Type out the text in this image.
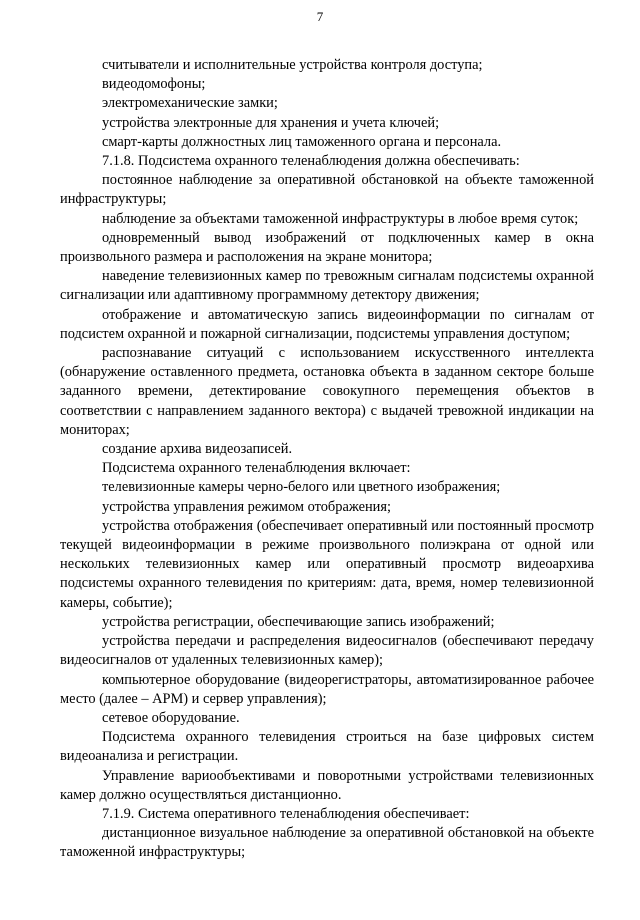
7

считыватели и исполнительные устройства контроля доступа;

видеодомофоны;

электромеханические замки;

устройства электронные для хранения и учета ключей;

смарт-карты должностных лиц таможенного органа и персонала.

7.1.8. Подсистема охранного теленаблюдения должна обеспечивать:

постоянное наблюдение за оперативной обстановкой на объекте таможенной инфраструктуры;

наблюдение за объектами таможенной инфраструктуры в любое время суток;

одновременный вывод изображений от подключенных камер в окна произвольного размера и расположения на экране монитора;

наведение телевизионных камер по тревожным сигналам подсистемы охранной сигнализации или адаптивному программному детектору движения;

отображение и автоматическую запись видеоинформации по сигналам от подсистем охранной и пожарной сигнализации, подсистемы управления доступом;

распознавание ситуаций с использованием искусственного интеллекта (обнаружение оставленного предмета, остановка объекта в заданном секторе больше заданного времени, детектирование совокупного перемещения объектов в соответствии с направлением заданного вектора) с выдачей тревожной индикации на мониторах;

создание архива видеозаписей.

Подсистема охранного теленаблюдения включает:

телевизионные камеры черно-белого или цветного изображения;

устройства управления режимом отображения;

устройства отображения (обеспечивает оперативный или постоянный просмотр текущей видеоинформации в режиме произвольного полиэкрана от одной или нескольких телевизионных камер или оперативный просмотр видеоархива подсистемы охранного телевидения по критериям: дата, время, номер телевизионной камеры, событие);

устройства регистрации, обеспечивающие запись изображений;

устройства передачи и распределения видеосигналов (обеспечивают передачу видеосигналов от удаленных телевизионных камер);

компьютерное оборудование (видеорегистраторы, автоматизированное рабочее место (далее – АРМ) и сервер управления);

сетевое оборудование.

Подсистема охранного телевидения строиться на базе цифровых систем видеоанализа и регистрации.

Управление вариообъективами и поворотными устройствами телевизионных камер должно осуществляться дистанционно.

7.1.9. Система оперативного теленаблюдения обеспечивает:

дистанционное визуальное наблюдение за оперативной обстановкой на объекте таможенной инфраструктуры;
